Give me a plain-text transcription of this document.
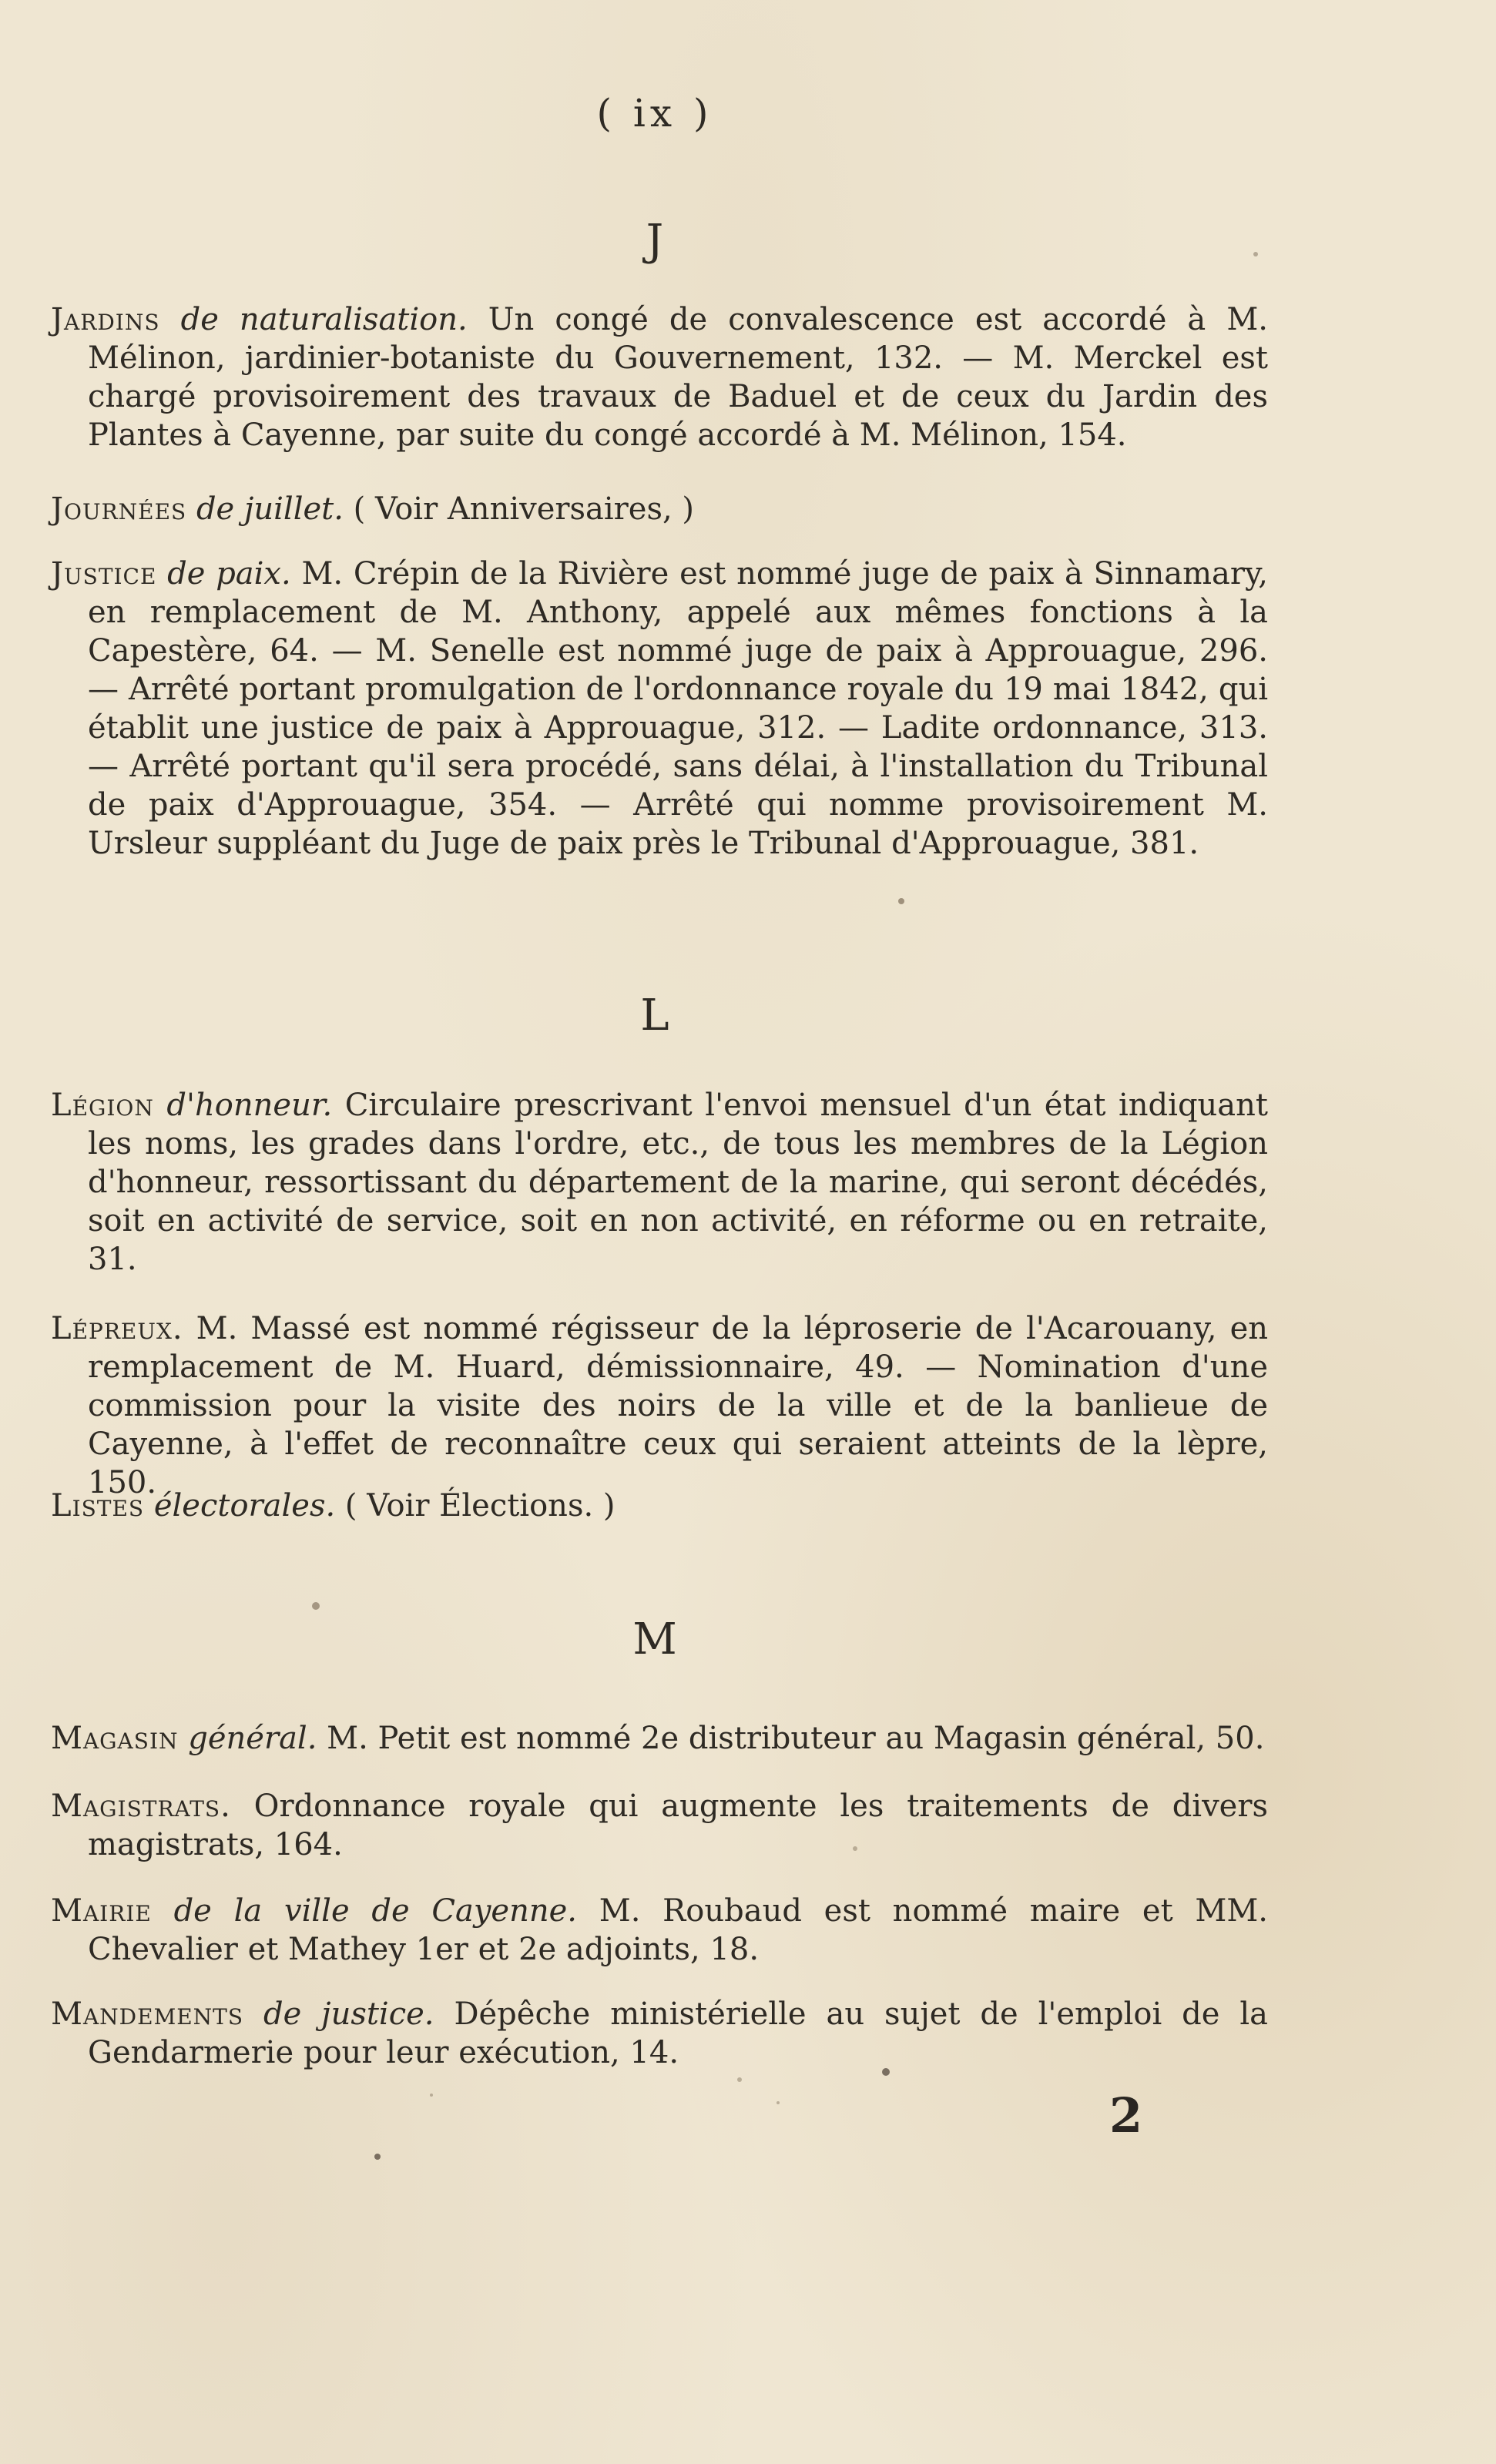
( ix )
J
Jardins de naturalisation. Un congé de convalescence est accordé à M. Mélinon, jardinier-botaniste du Gouvernement, 132. — M. Merckel est chargé provisoirement des travaux de Baduel et de ceux du Jardin des Plantes à Cayenne, par suite du congé accordé à M. Mélinon, 154.
Journées de juillet. ( Voir Anniversaires, )
Justice de paix. M. Crépin de la Rivière est nommé juge de paix à Sinnamary, en remplacement de M. Anthony, appelé aux mêmes fonctions à la Capestère, 64. — M. Senelle est nommé juge de paix à Approuague, 296. — Arrêté portant promulgation de l'ordonnance royale du 19 mai 1842, qui établit une justice de paix à Approuague, 312. — Ladite ordonnance, 313. — Arrêté portant qu'il sera procédé, sans délai, à l'installation du Tribunal de paix d'Approuague, 354. — Arrêté qui nomme provisoirement M. Ursleur suppléant du Juge de paix près le Tribunal d'Approuague, 381.
L
Légion d'honneur. Circulaire prescrivant l'envoi mensuel d'un état indiquant les noms, les grades dans l'ordre, etc., de tous les membres de la Légion d'honneur, ressortissant du département de la marine, qui seront décédés, soit en activité de service, soit en non activité, en réforme ou en retraite, 31.
Lépreux. M. Massé est nommé régisseur de la léproserie de l'Acarouany, en remplacement de M. Huard, démissionnaire, 49. — Nomination d'une commission pour la visite des noirs de la ville et de la banlieue de Cayenne, à l'effet de reconnaître ceux qui seraient atteints de la lèpre, 150.
Listes électorales. ( Voir Élections. )
M
Magasin général. M. Petit est nommé 2e distributeur au Magasin général, 50.
Magistrats. Ordonnance royale qui augmente les traitements de divers magistrats, 164.
Mairie de la ville de Cayenne. M. Roubaud est nommé maire et MM. Chevalier et Mathey 1er et 2e adjoints, 18.
Mandements de justice. Dépêche ministérielle au sujet de l'emploi de la Gendarmerie pour leur exécution, 14.
2
